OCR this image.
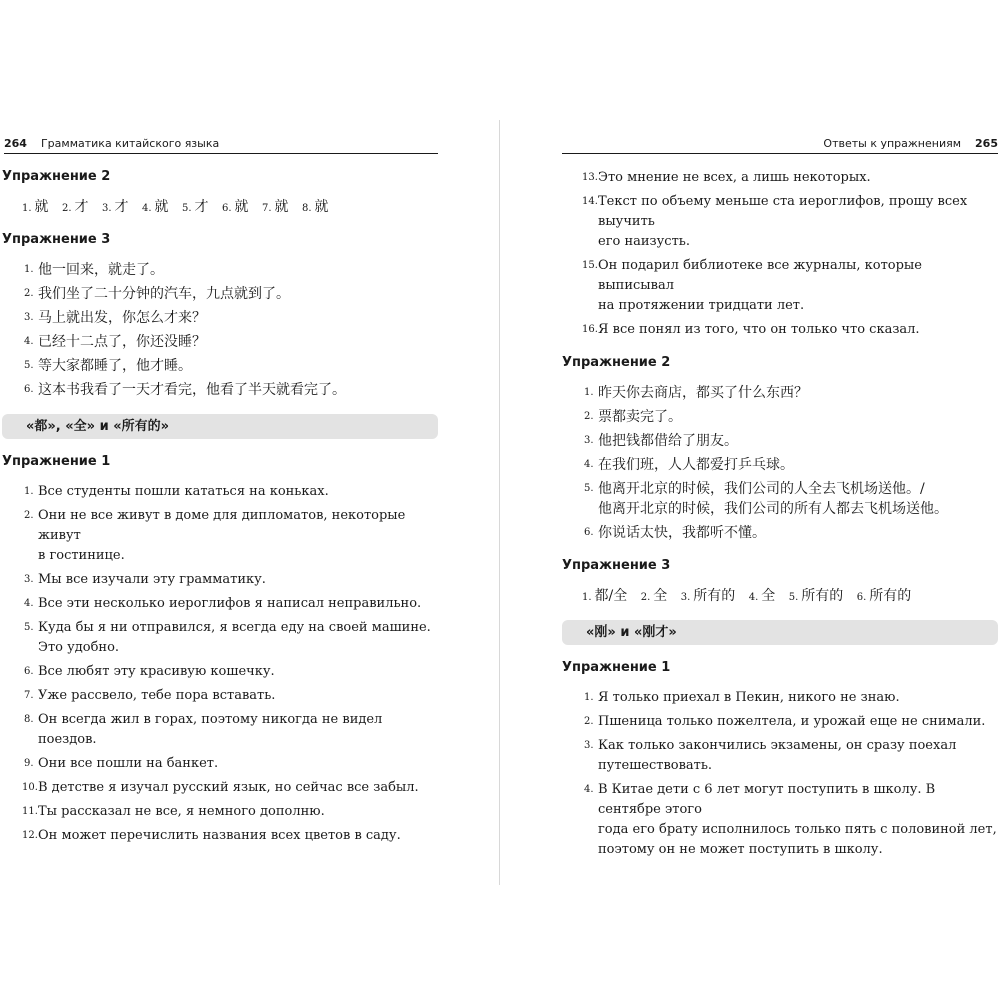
264 Грамматика китайского языка
Упражнение 2
1. 就 2. 才 3. 才 4. 就 5. 才 6. 就 7. 就 8. 就
Упражнение 3
1. 他一回来，就走了。
2. 我们坐了二十分钟的汽车，九点就到了。
3. 马上就出发，你怎么才来？
4. 已经十二点了，你还没睡？
5. 等大家都睡了，他才睡。
6. 这本书我看了一天才看完，他看了半天就看完了。
«都», «全» и «所有的»
Упражнение 1
1. Все студенты пошли кататься на коньках.
2. Они не все живут в доме для дипломатов, некоторые живут
в гостинице.
3. Мы все изучали эту грамматику.
4. Все эти несколько иероглифов я написал неправильно.
5. Куда бы я ни отправился, я всегда еду на своей машине.
Это удобно.
6. Все любят эту красивую кошечку.
7. Уже рассвело, тебе пора вставать.
8. Он всегда жил в горах, поэтому никогда не видел поездов.
9. Они все пошли на банкет.
10. В детстве я изучал русский язык, но сейчас все забыл.
11. Ты рассказал не все, я немного дополню.
12. Он может перечислить названия всех цветов в саду.
Ответы к упражнениям 265
13. Это мнение не всех, а лишь некоторых.
14. Текст по объему меньше ста иероглифов, прошу всех выучить
его наизусть.
15. Он подарил библиотеке все журналы, которые выписывал
на протяжении тридцати лет.
16. Я все понял из того, что он только что сказал.
Упражнение 2
1. 昨天你去商店，都买了什么东西？
2. 票都卖完了。
3. 他把钱都借给了朋友。
4. 在我们班，人人都爱打乒乓球。
5. 他离开北京的时候，我们公司的人全去飞机场送他。/
他离开北京的时候，我们公司的所有人都去飞机场送他。
6. 你说话太快，我都听不懂。
Упражнение 3
1. 都/全 2. 全 3. 所有的 4. 全 5. 所有的 6. 所有的
«刚» и «刚才»
Упражнение 1
1. Я только приехал в Пекин, никого не знаю.
2. Пшеница только пожелтела, и урожай еще не снимали.
3. Как только закончились экзамены, он сразу поехал
путешествовать.
4. В Китае дети с 6 лет могут поступить в школу. В сентябре этого
года его брату исполнилось только пять с половиной лет,
поэтому он не может поступить в школу.
